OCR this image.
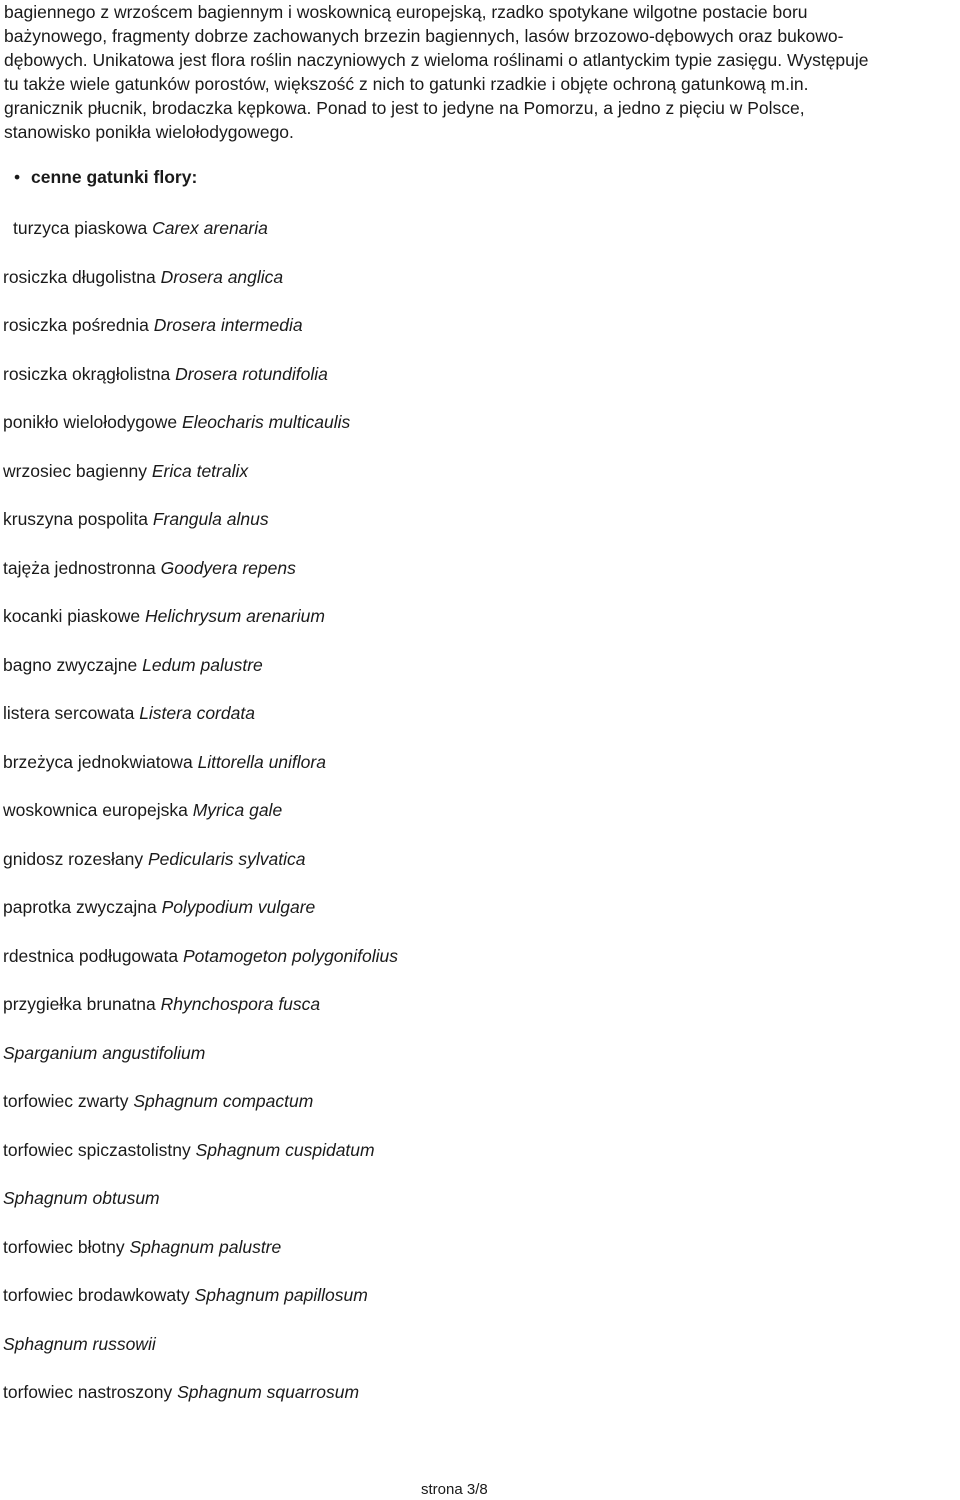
bagiennego z wrzoścem bagiennym i woskownicą europejską, rzadko spotykane wilgotne postacie boru
bażynowego, fragmenty dobrze zachowanych brzezin bagiennych, lasów brzozowo-dębowych oraz bukowo-
dębowych. Unikatowa jest flora roślin naczyniowych z wieloma roślinami o atlantyckim typie zasięgu. Występuje
tu także wiele gatunków porostów, większość z nich to gatunki rzadkie i objęte ochroną gatunkową m.in.
granicznik płucnik, brodaczka kępkowa. Ponad to jest to jedyne na Pomorzu, a jedno z pięciu w Polsce,
stanowisko ponikła wielołodygowego.
• cenne gatunki flory:
turzyca piaskowa Carex arenaria
rosiczka długolistna Drosera anglica
rosiczka pośrednia Drosera intermedia
rosiczka okrągłolistna Drosera rotundifolia
ponikło wielołodygowe Eleocharis multicaulis
wrzosiec bagienny Erica tetralix
kruszyna pospolita Frangula alnus
tajęża jednostronna Goodyera repens
kocanki piaskowe Helichrysum arenarium
bagno zwyczajne Ledum palustre
listera sercowata Listera cordata
brzeżyca jednokwiatowa Littorella uniflora
woskownica europejska Myrica gale
gnidosz rozesłany Pedicularis sylvatica
paprotka zwyczajna Polypodium vulgare
rdestnica podługowata Potamogeton polygonifolius
przygiełka brunatna Rhynchospora fusca
Sparganium angustifolium
torfowiec zwarty Sphagnum compactum
torfowiec spiczastolistny Sphagnum cuspidatum
Sphagnum obtusum
torfowiec błotny Sphagnum palustre
torfowiec brodawkowaty Sphagnum papillosum
Sphagnum russowii
torfowiec nastroszony Sphagnum squarrosum
strona 3/8
